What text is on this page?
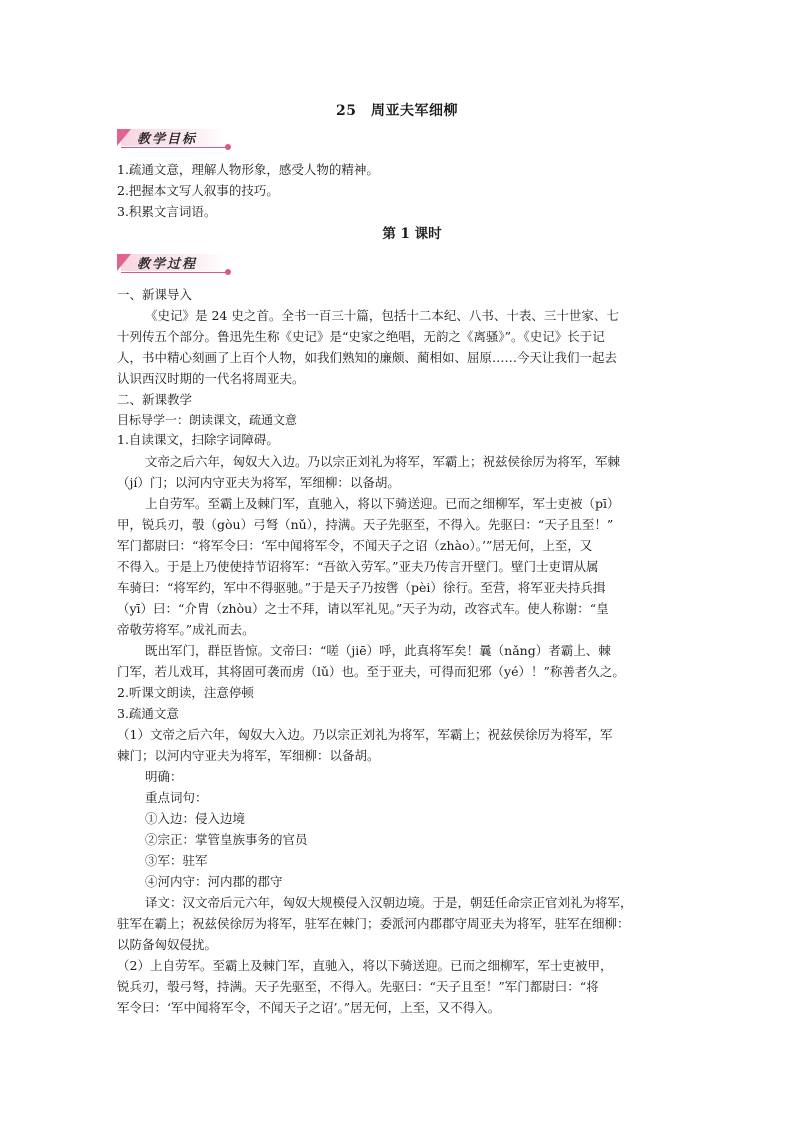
25　周亚夫军细柳
教学目标
1.疏通文意，理解人物形象，感受人物的精神。
2.把握本文写人叙事的技巧。
3.积累文言词语。
第 1 课时
教学过程
一、新课导入
《史记》是 24 史之首。全书一百三十篇，包括十二本纪、八书、十表、三十世家、七
十列传五个部分。鲁迅先生称《史记》是“史家之绝唱，无韵之《离骚》”。《史记》长于记
人，书中精心刻画了上百个人物，如我们熟知的廉颇、蔺相如、屈原……今天让我们一起去
认识西汉时期的一代名将周亚夫。
二、新课教学
目标导学一：朗读课文，疏通文意
1.自读课文，扫除字词障碍。
文帝之后六年，匈奴大入边。乃以宗正刘礼为将军，军霸上；祝兹侯徐厉为将军，军棘
（jí）门；以河内守亚夫为将军，军细柳：以备胡。
上自劳军。至霸上及棘门军，直驰入，将以下骑送迎。已而之细柳军，军士吏被（pī）
甲，锐兵刃，彀（gòu）弓弩（nǔ），持满。天子先驱至，不得入。先驱曰：“天子且至！”
军门都尉曰：“将军令曰：‘军中闻将军令，不闻天子之诏（zhào）。’”居无何，上至，又
不得入。于是上乃使使持节诏将军：“吾欲入劳军。”亚夫乃传言开壁门。壁门士吏谓从属
车骑曰：“将军约，军中不得驱驰。”于是天子乃按辔（pèi）徐行。至营，将军亚夫持兵揖
（yī）曰：“介胄（zhòu）之士不拜，请以军礼见。”天子为动，改容式车。使人称谢：“皇
帝敬劳将军。”成礼而去。
既出军门，群臣皆惊。文帝曰：“嗟（jiē）呼，此真将军矣！曩（nǎng）者霸上、棘
门军，若儿戏耳，其将固可袭而虏（lǔ）也。至于亚夫，可得而犯邪（yé）！”称善者久之。
2.听课文朗读，注意停顿
3.疏通文意
（1）文帝之后六年，匈奴大入边。乃以宗正刘礼为将军，军霸上；祝兹侯徐厉为将军，军
棘门；以河内守亚夫为将军，军细柳：以备胡。
明确：
重点词句：
①入边：侵入边境
②宗正：掌管皇族事务的官员
③军：驻军
④河内守：河内郡的郡守
译文：汉文帝后元六年，匈奴大规模侵入汉朝边境。于是，朝廷任命宗正官刘礼为将军，
驻军在霸上；祝兹侯徐厉为将军，驻军在棘门；委派河内郡郡守周亚夫为将军，驻军在细柳：
以防备匈奴侵扰。
（2）上自劳军。至霸上及棘门军，直驰入，将以下骑送迎。已而之细柳军，军士吏被甲，
锐兵刃，彀弓弩，持满。天子先驱至，不得入。先驱曰：“天子且至！”军门都尉曰：“将
军令曰：‘军中闻将军令，不闻天子之诏’。”居无何，上至，又不得入。
